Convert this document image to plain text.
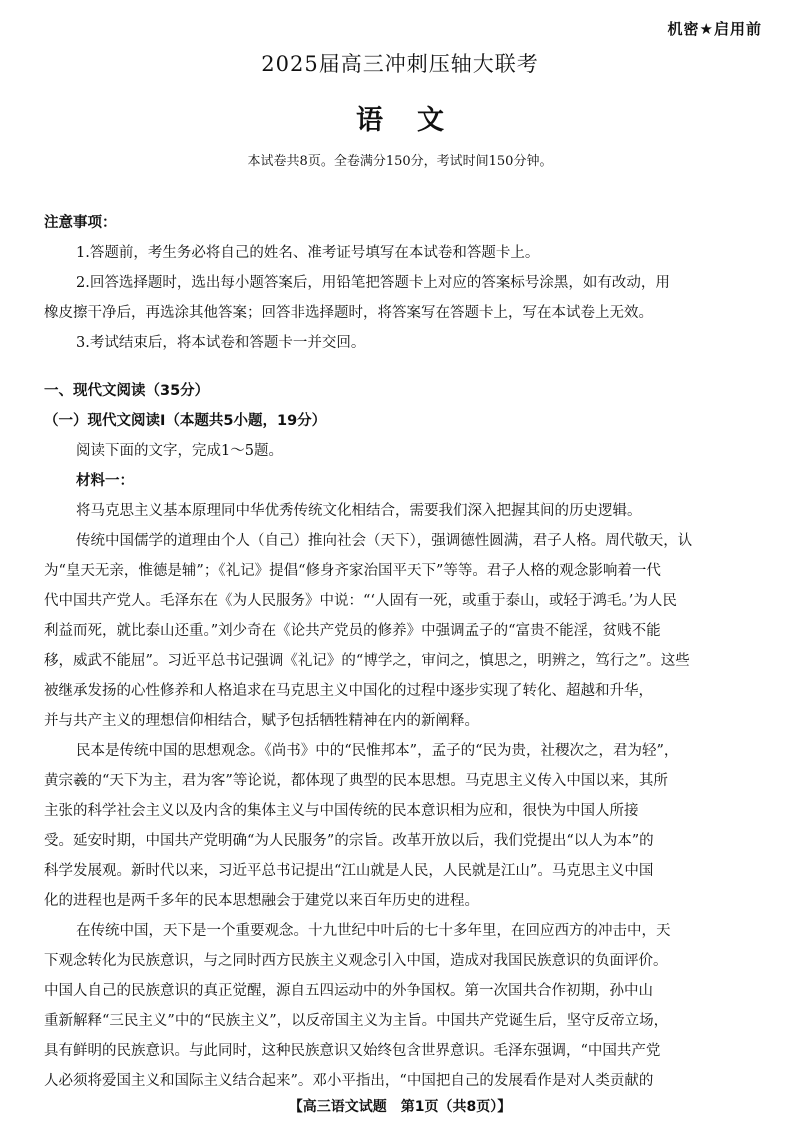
机密★启用前
2025届高三冲刺压轴大联考
语文
本试卷共8页。全卷满分150分，考试时间150分钟。
注意事项：
1.答题前，考生务必将自己的姓名、准考证号填写在本试卷和答题卡上。
2.回答选择题时，选出每小题答案后，用铅笔把答题卡上对应的答案标号涂黑，如有改动，用
橡皮擦干净后，再选涂其他答案；回答非选择题时，将答案写在答题卡上，写在本试卷上无效。
3.考试结束后，将本试卷和答题卡一并交回。
一、现代文阅读（35分）
（一）现代文阅读Ⅰ（本题共5小题，19分）
阅读下面的文字，完成1～5题。
材料一：
将马克思主义基本原理同中华优秀传统文化相结合，需要我们深入把握其间的历史逻辑。
传统中国儒学的道理由个人（自己）推向社会（天下），强调德性圆满，君子人格。周代敬天，认
为“皇天无亲，惟德是辅”；《礼记》提倡“修身齐家治国平天下”等等。君子人格的观念影响着一代
代中国共产党人。毛泽东在《为人民服务》中说：“‘人固有一死，或重于泰山，或轻于鸿毛。’为人民
利益而死，就比泰山还重。”刘少奇在《论共产党员的修养》中强调孟子的“富贵不能淫，贫贱不能
移，威武不能屈”。习近平总书记强调《礼记》的“博学之，审问之，慎思之，明辨之，笃行之”。这些
被继承发扬的心性修养和人格追求在马克思主义中国化的过程中逐步实现了转化、超越和升华，
并与共产主义的理想信仰相结合，赋予包括牺牲精神在内的新阐释。
民本是传统中国的思想观念。《尚书》中的“民惟邦本”，孟子的“民为贵，社稷次之，君为轻”，
黄宗羲的“天下为主，君为客”等论说，都体现了典型的民本思想。马克思主义传入中国以来，其所
主张的科学社会主义以及内含的集体主义与中国传统的民本意识相为应和，很快为中国人所接
受。延安时期，中国共产党明确“为人民服务”的宗旨。改革开放以后，我们党提出“以人为本”的
科学发展观。新时代以来，习近平总书记提出“江山就是人民，人民就是江山”。马克思主义中国
化的进程也是两千多年的民本思想融会于建党以来百年历史的进程。
在传统中国，天下是一个重要观念。十九世纪中叶后的七十多年里，在回应西方的冲击中，天
下观念转化为民族意识，与之同时西方民族主义观念引入中国，造成对我国民族意识的负面评价。
中国人自己的民族意识的真正觉醒，源自五四运动中的外争国权。第一次国共合作初期，孙中山
重新解释“三民主义”中的“民族主义”，以反帝国主义为主旨。中国共产党诞生后，坚守反帝立场，
具有鲜明的民族意识。与此同时，这种民族意识又始终包含世界意识。毛泽东强调，“中国共产党
人必须将爱国主义和国际主义结合起来”。邓小平指出，“中国把自己的发展看作是对人类贡献的
【高三语文试题　第1页（共8页）】
